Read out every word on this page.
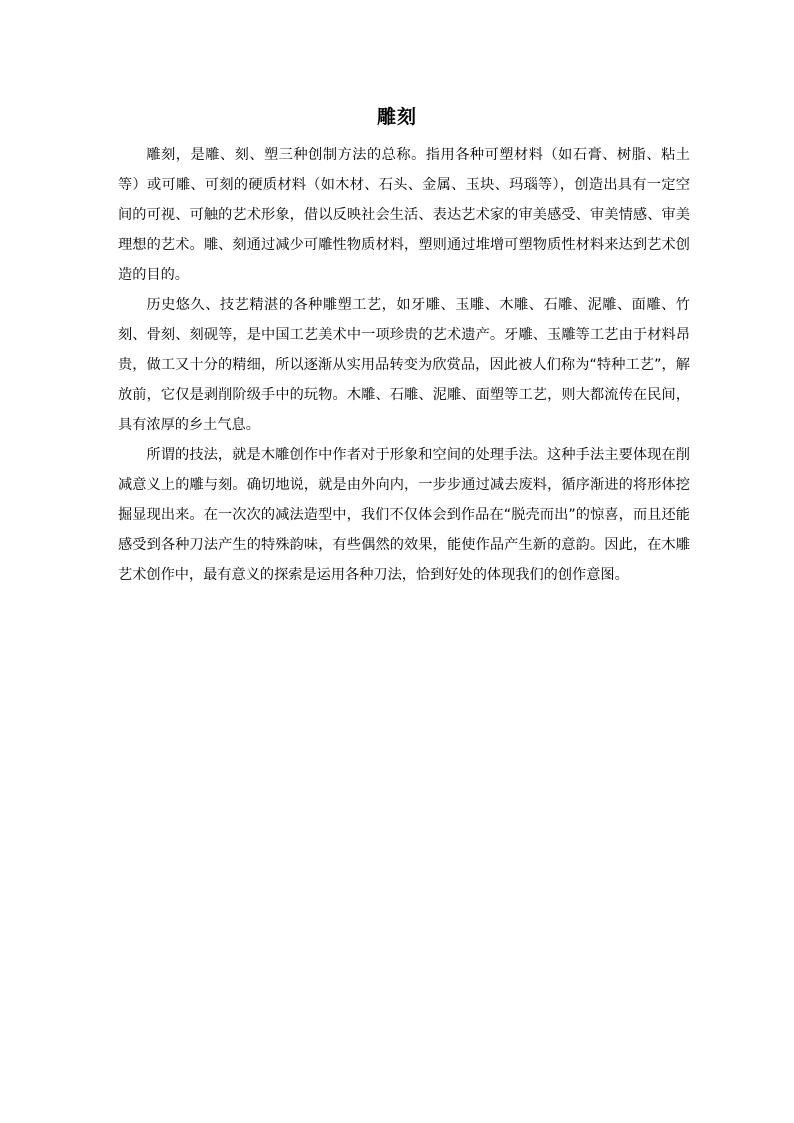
雕刻

雕刻，是雕、刻、塑三种创制方法的总称。指用各种可塑材料（如石膏、树脂、粘土等）或可雕、可刻的硬质材料（如木材、石头、金属、玉块、玛瑙等），创造出具有一定空间的可视、可触的艺术形象，借以反映社会生活、表达艺术家的审美感受、审美情感、审美理想的艺术。雕、刻通过减少可雕性物质材料，塑则通过堆增可塑物质性材料来达到艺术创造的目的。

历史悠久、技艺精湛的各种雕塑工艺，如牙雕、玉雕、木雕、石雕、泥雕、面雕、竹刻、骨刻、刻砚等，是中国工艺美术中一项珍贵的艺术遗产。牙雕、玉雕等工艺由于材料昂贵，做工又十分的精细，所以逐渐从实用品转变为欣赏品，因此被人们称为“特种工艺”，解放前，它仅是剥削阶级手中的玩物。木雕、石雕、泥雕、面塑等工艺，则大都流传在民间，具有浓厚的乡土气息。

所谓的技法，就是木雕创作中作者对于形象和空间的处理手法。这种手法主要体现在削减意义上的雕与刻。确切地说，就是由外向内，一步步通过减去废料，循序渐进的将形体挖掘显现出来。在一次次的减法造型中，我们不仅体会到作品在“脱壳而出”的惊喜，而且还能感受到各种刀法产生的特殊韵味，有些偶然的效果，能使作品产生新的意韵。因此，在木雕艺术创作中，最有意义的探索是运用各种刀法，恰到好处的体现我们的创作意图。
